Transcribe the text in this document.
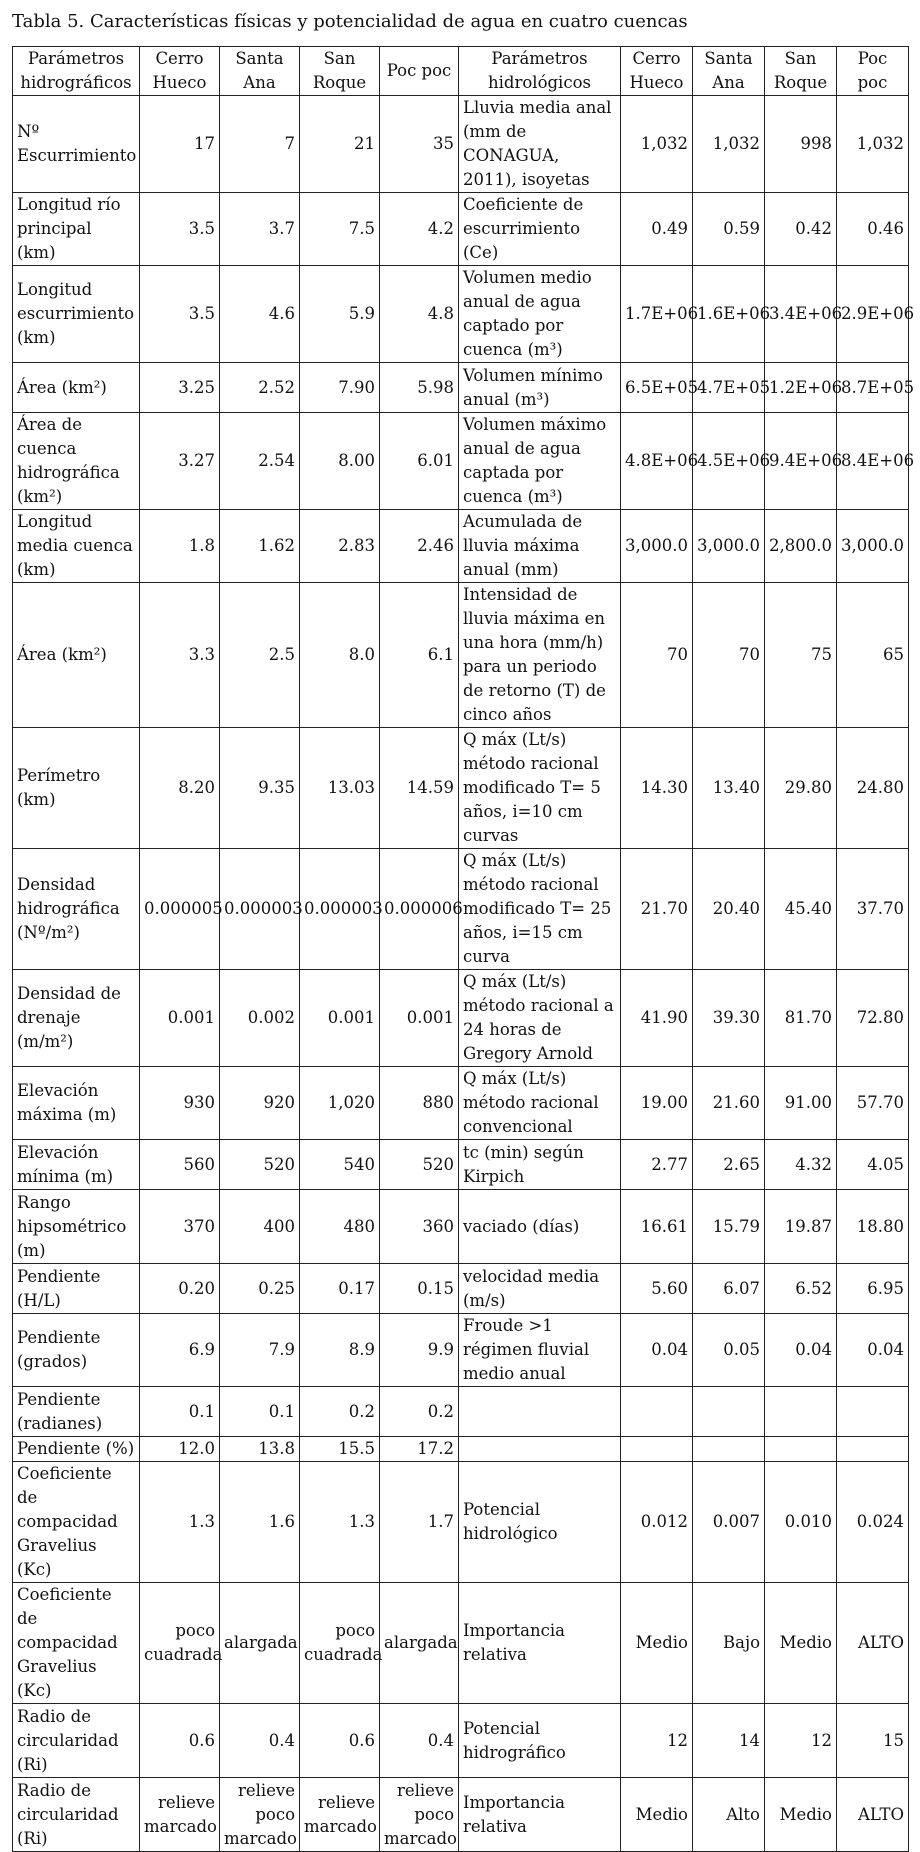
Tabla 5. Características físicas y potencialidad de agua en cuatro cuencas
Parámetros hidrográficos	Cerro Hueco	Santa Ana	San Roque	Poc poc	Parámetros hidrológicos	Cerro Hueco	Santa Ana	San Roque	Poc poc
Nº Escurrimiento	17	7	21	35	Lluvia media anal (mm de CONAGUA, 2011), isoyetas	1,032	1,032	998	1,032
Longitud río principal (km)	3.5	3.7	7.5	4.2	Coeficiente de escurrimiento (Ce)	0.49	0.59	0.42	0.46
Longitud escurrimiento (km)	3.5	4.6	5.9	4.8	Volumen medio anual de agua captado por cuenca (m³)	1.7E+06	1.6E+06	3.4E+06	2.9E+06
Área (km²)	3.25	2.52	7.90	5.98	Volumen mínimo anual (m³)	6.5E+05	4.7E+05	1.2E+06	8.7E+05
Área de cuenca hidrográfica (km²)	3.27	2.54	8.00	6.01	Volumen máximo anual de agua captada por cuenca (m³)	4.8E+06	4.5E+06	9.4E+06	8.4E+06
Longitud media cuenca (km)	1.8	1.62	2.83	2.46	Acumulada de lluvia máxima anual (mm)	3,000.0	3,000.0	2,800.0	3,000.0
Área (km²)	3.3	2.5	8.0	6.1	Intensidad de lluvia máxima en una hora (mm/h) para un periodo de retorno (T) de cinco años	70	70	75	65
Perímetro (km)	8.20	9.35	13.03	14.59	Q máx (Lt/s) método racional modificado T= 5 años, i=10 cm curvas	14.30	13.40	29.80	24.80
Densidad hidrográfica (Nº/m²)	0.000005	0.000003	0.000003	0.000006	Q máx (Lt/s) método racional modificado T= 25 años, i=15 cm curva	21.70	20.40	45.40	37.70
Densidad de drenaje (m/m²)	0.001	0.002	0.001	0.001	Q máx (Lt/s) método racional a 24 horas de Gregory Arnold	41.90	39.30	81.70	72.80
Elevación máxima (m)	930	920	1,020	880	Q máx (Lt/s) método racional convencional	19.00	21.60	91.00	57.70
Elevación mínima (m)	560	520	540	520	tc (min) según Kirpich	2.77	2.65	4.32	4.05
Rango hipsométrico (m)	370	400	480	360	vaciado (días)	16.61	15.79	19.87	18.80
Pendiente (H/L)	0.20	0.25	0.17	0.15	velocidad media (m/s)	5.60	6.07	6.52	6.95
Pendiente (grados)	6.9	7.9	8.9	9.9	Froude >1 régimen fluvial medio anual	0.04	0.05	0.04	0.04
Pendiente (radianes)	0.1	0.1	0.2	0.2					
Pendiente (%)	12.0	13.8	15.5	17.2					
Coeficiente de compacidad Gravelius (Kc)	1.3	1.6	1.3	1.7	Potencial hidrológico	0.012	0.007	0.010	0.024
Coeficiente de compacidad Gravelius (Kc)	poco cuadrada	alargada	poco cuadrada	alargada	Importancia relativa	Medio	Bajo	Medio	ALTO
Radio de circularidad (Ri)	0.6	0.4	0.6	0.4	Potencial hidrográfico	12	14	12	15
Radio de circularidad (Ri)	relieve marcado	relieve poco marcado	relieve marcado	relieve poco marcado	Importancia relativa	Medio	Alto	Medio	ALTO
